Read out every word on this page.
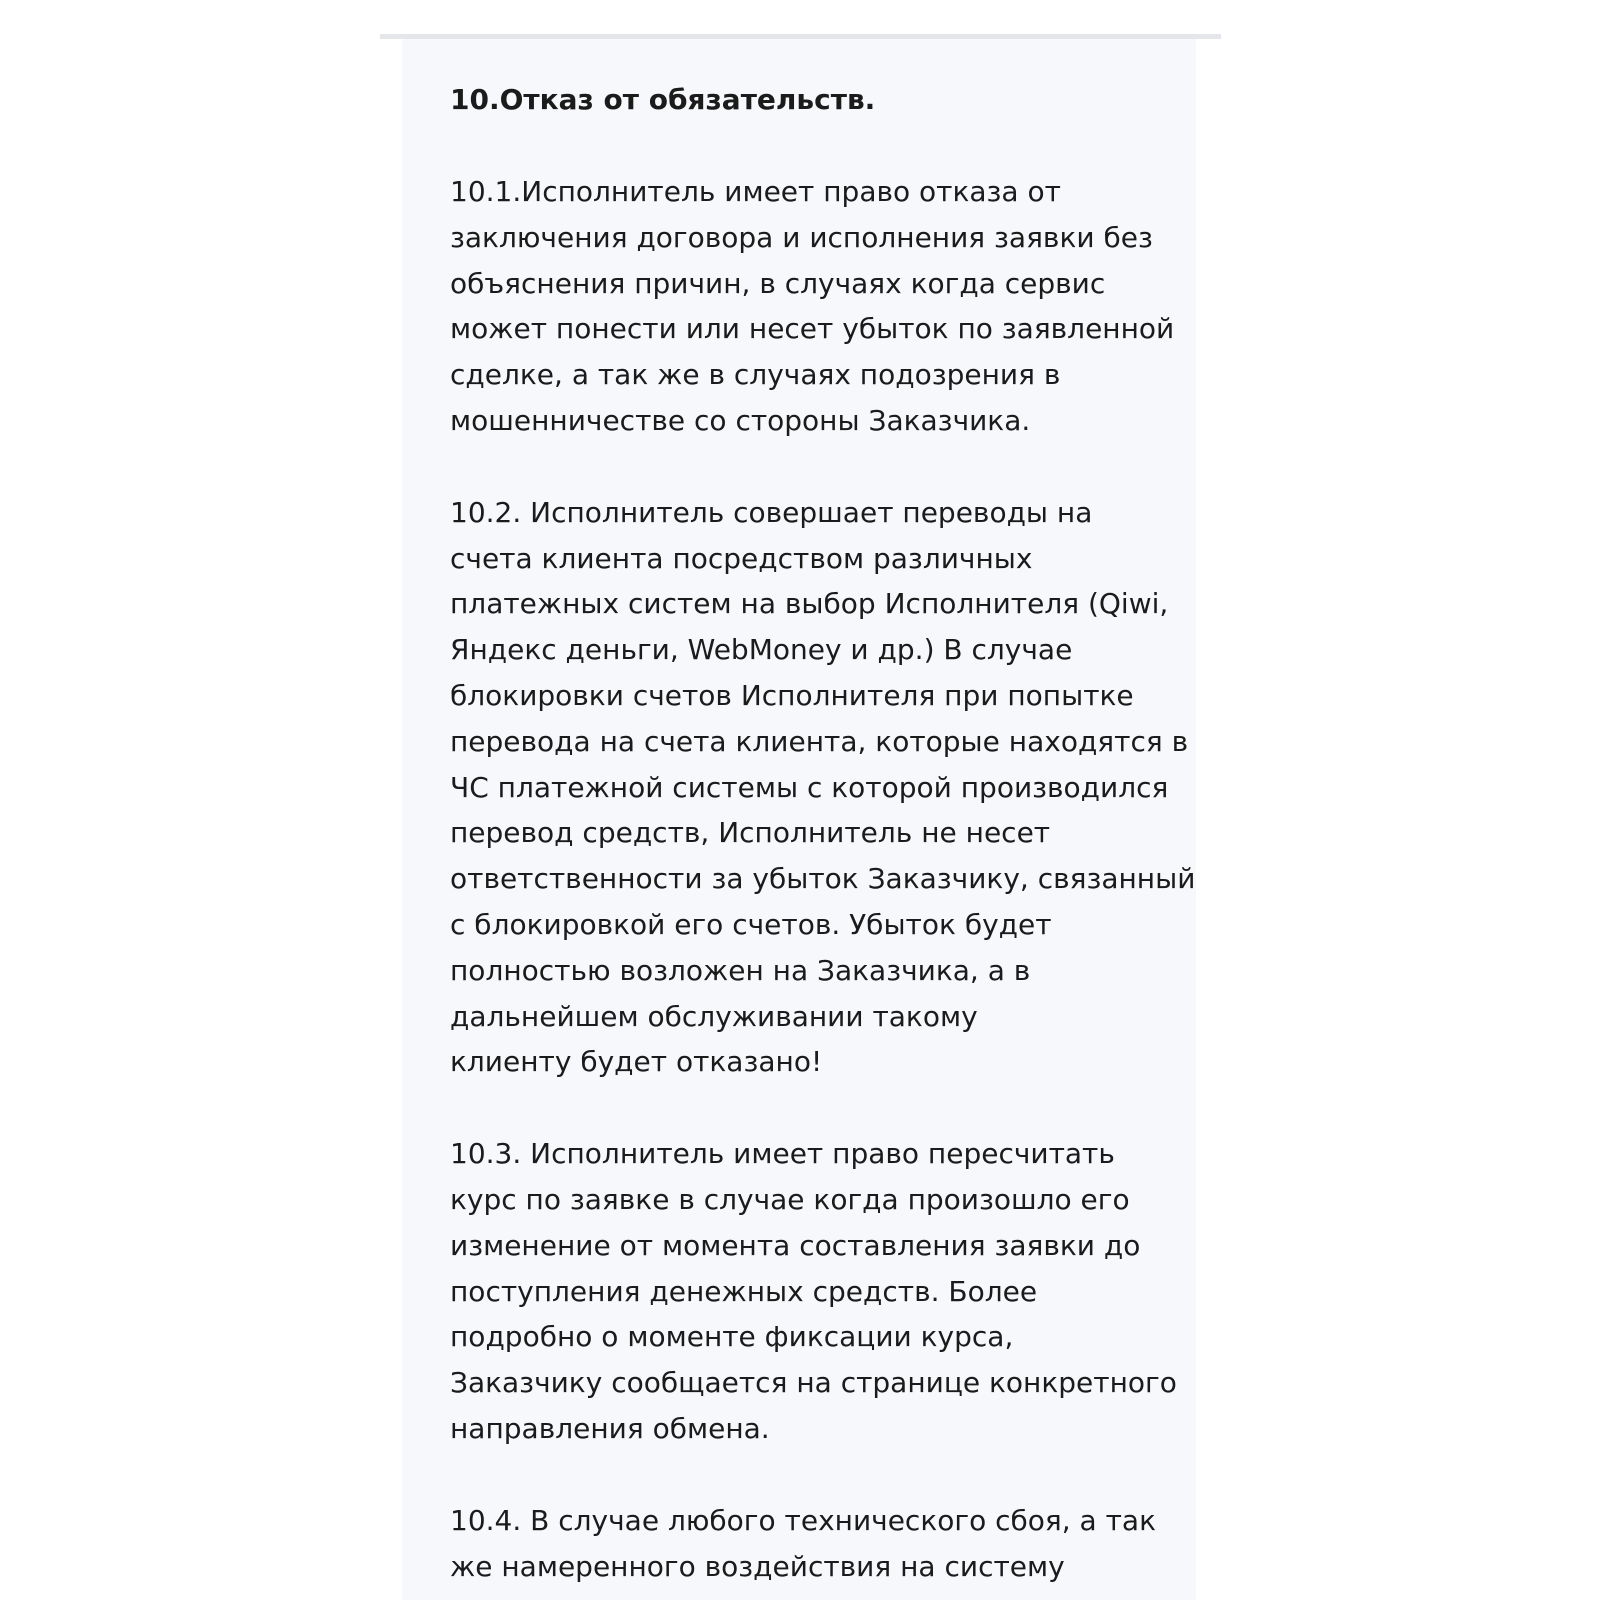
10.Отказ от обязательств.
10.1.Исполнитель имеет право отказа от
заключения договора и исполнения заявки без
объяснения причин, в случаях когда сервис
может понести или несет убыток по заявленной
сделке, а так же в случаях подозрения в
мошенничестве со стороны Заказчика.
10.2. Исполнитель совершает переводы на
счета клиента посредством различных
платежных систем на выбор Исполнителя (Qiwi,
Яндекс деньги, WebMoney и др.) В случае
блокировки счетов Исполнителя при попытке
перевода на счета клиента, которые находятся в
ЧС платежной системы с которой производился
перевод средств, Исполнитель не несет
ответственности за убыток Заказчику, связанный
с блокировкой его счетов. Убыток будет
полностью возложен на Заказчика, а в
дальнейшем обслуживании такому
клиенту будет отказано!
10.3. Исполнитель имеет право пересчитать
курс по заявке в случае когда произошло его
изменение от момента составления заявки до
поступления денежных средств. Более
подробно о моменте фиксации курса,
Заказчику сообщается на странице конкретного
направления обмена.
10.4. В случае любого технического сбоя, а так
же намеренного воздействия на систему
